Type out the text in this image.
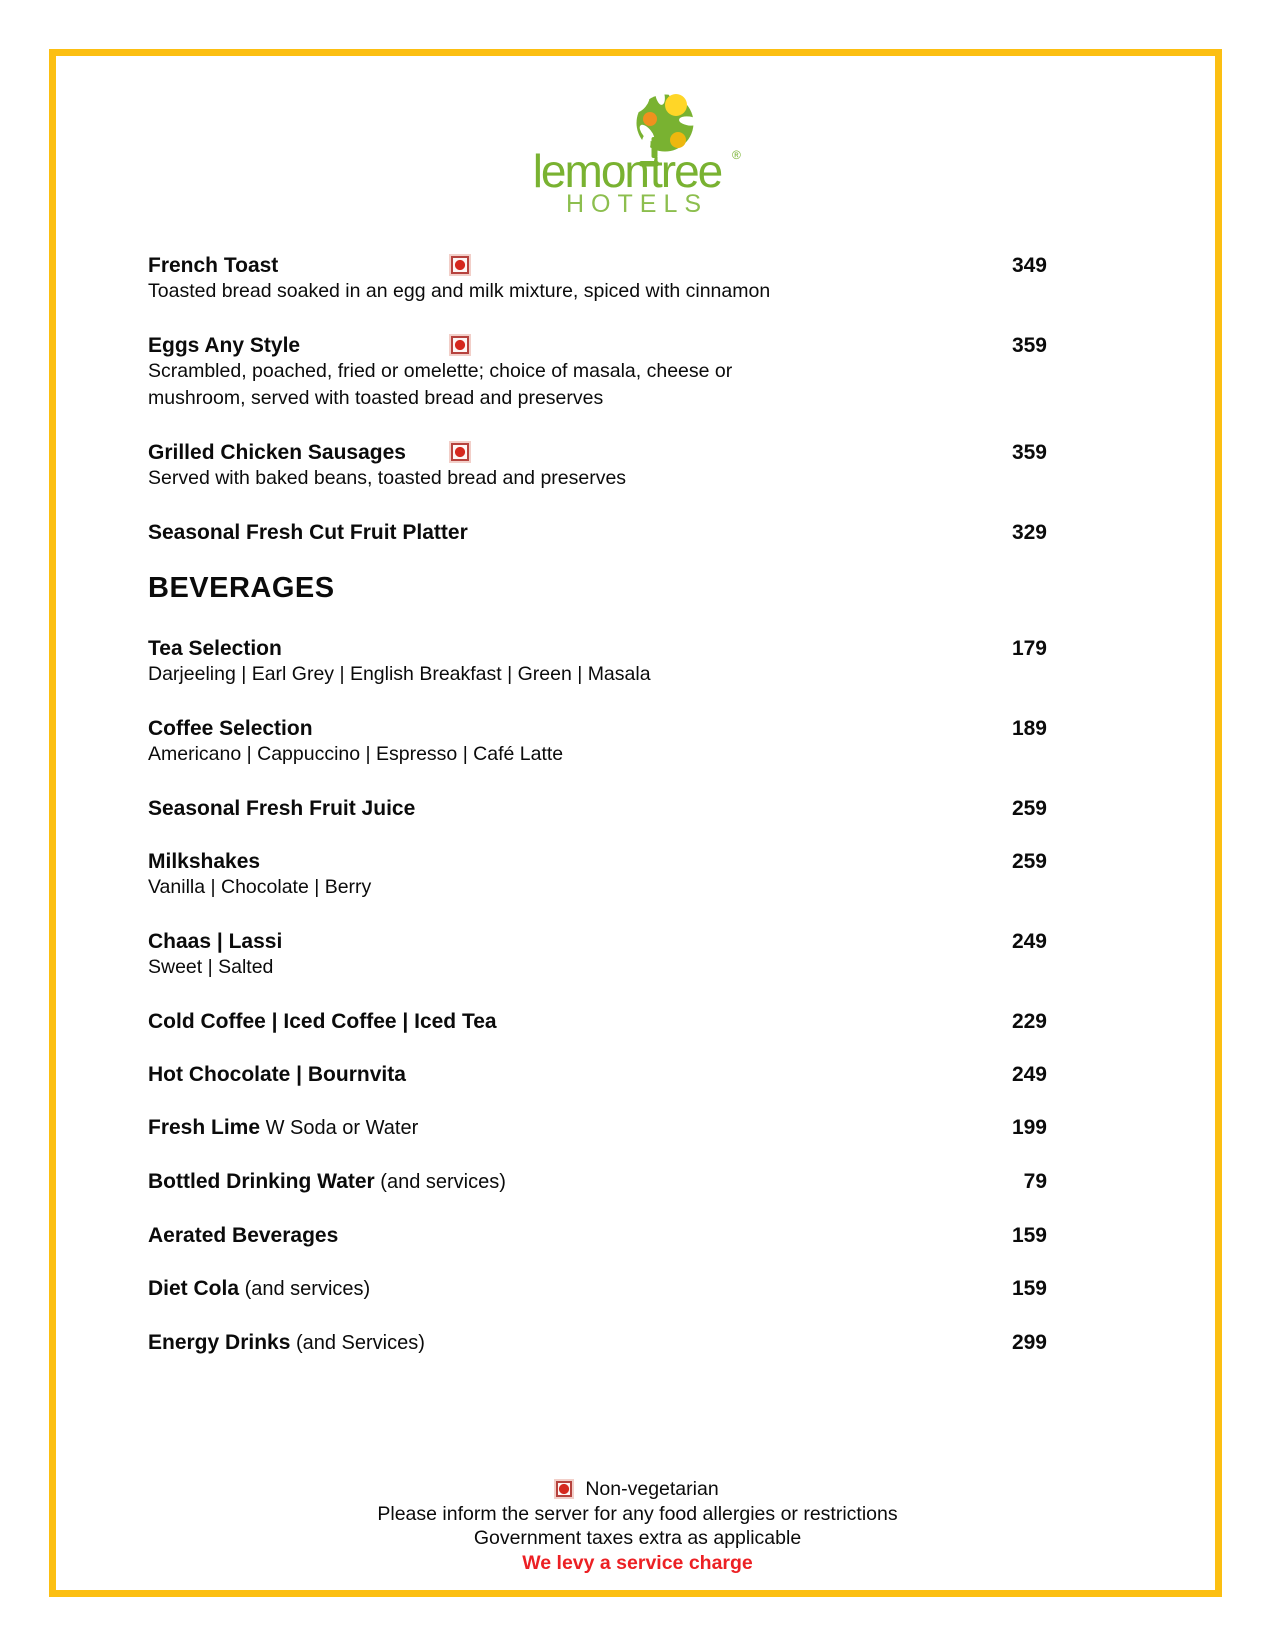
lemon tree ®
HOTELS
French Toast	349
Toasted bread soaked in an egg and milk mixture, spiced with cinnamon
Eggs Any Style	359
Scrambled, poached, fried or omelette; choice of masala, cheese or
mushroom, served with toasted bread and preserves
Grilled Chicken Sausages	359
Served with baked beans, toasted bread and preserves
Seasonal Fresh Cut Fruit Platter	329
BEVERAGES
Tea Selection	179
Darjeeling | Earl Grey | English Breakfast | Green | Masala
Coffee Selection	189
Americano | Cappuccino | Espresso | Café Latte
Seasonal Fresh Fruit Juice	259
Milkshakes	259
Vanilla | Chocolate | Berry
Chaas | Lassi	249
Sweet | Salted
Cold Coffee | Iced Coffee | Iced Tea	229
Hot Chocolate | Bournvita	249
Fresh Lime W Soda or Water	199
Bottled Drinking Water (and services)	79
Aerated Beverages	159
Diet Cola (and services)	159
Energy Drinks (and Services)	299
Non-vegetarian
Please inform the server for any food allergies or restrictions
Government taxes extra as applicable
We levy a service charge
